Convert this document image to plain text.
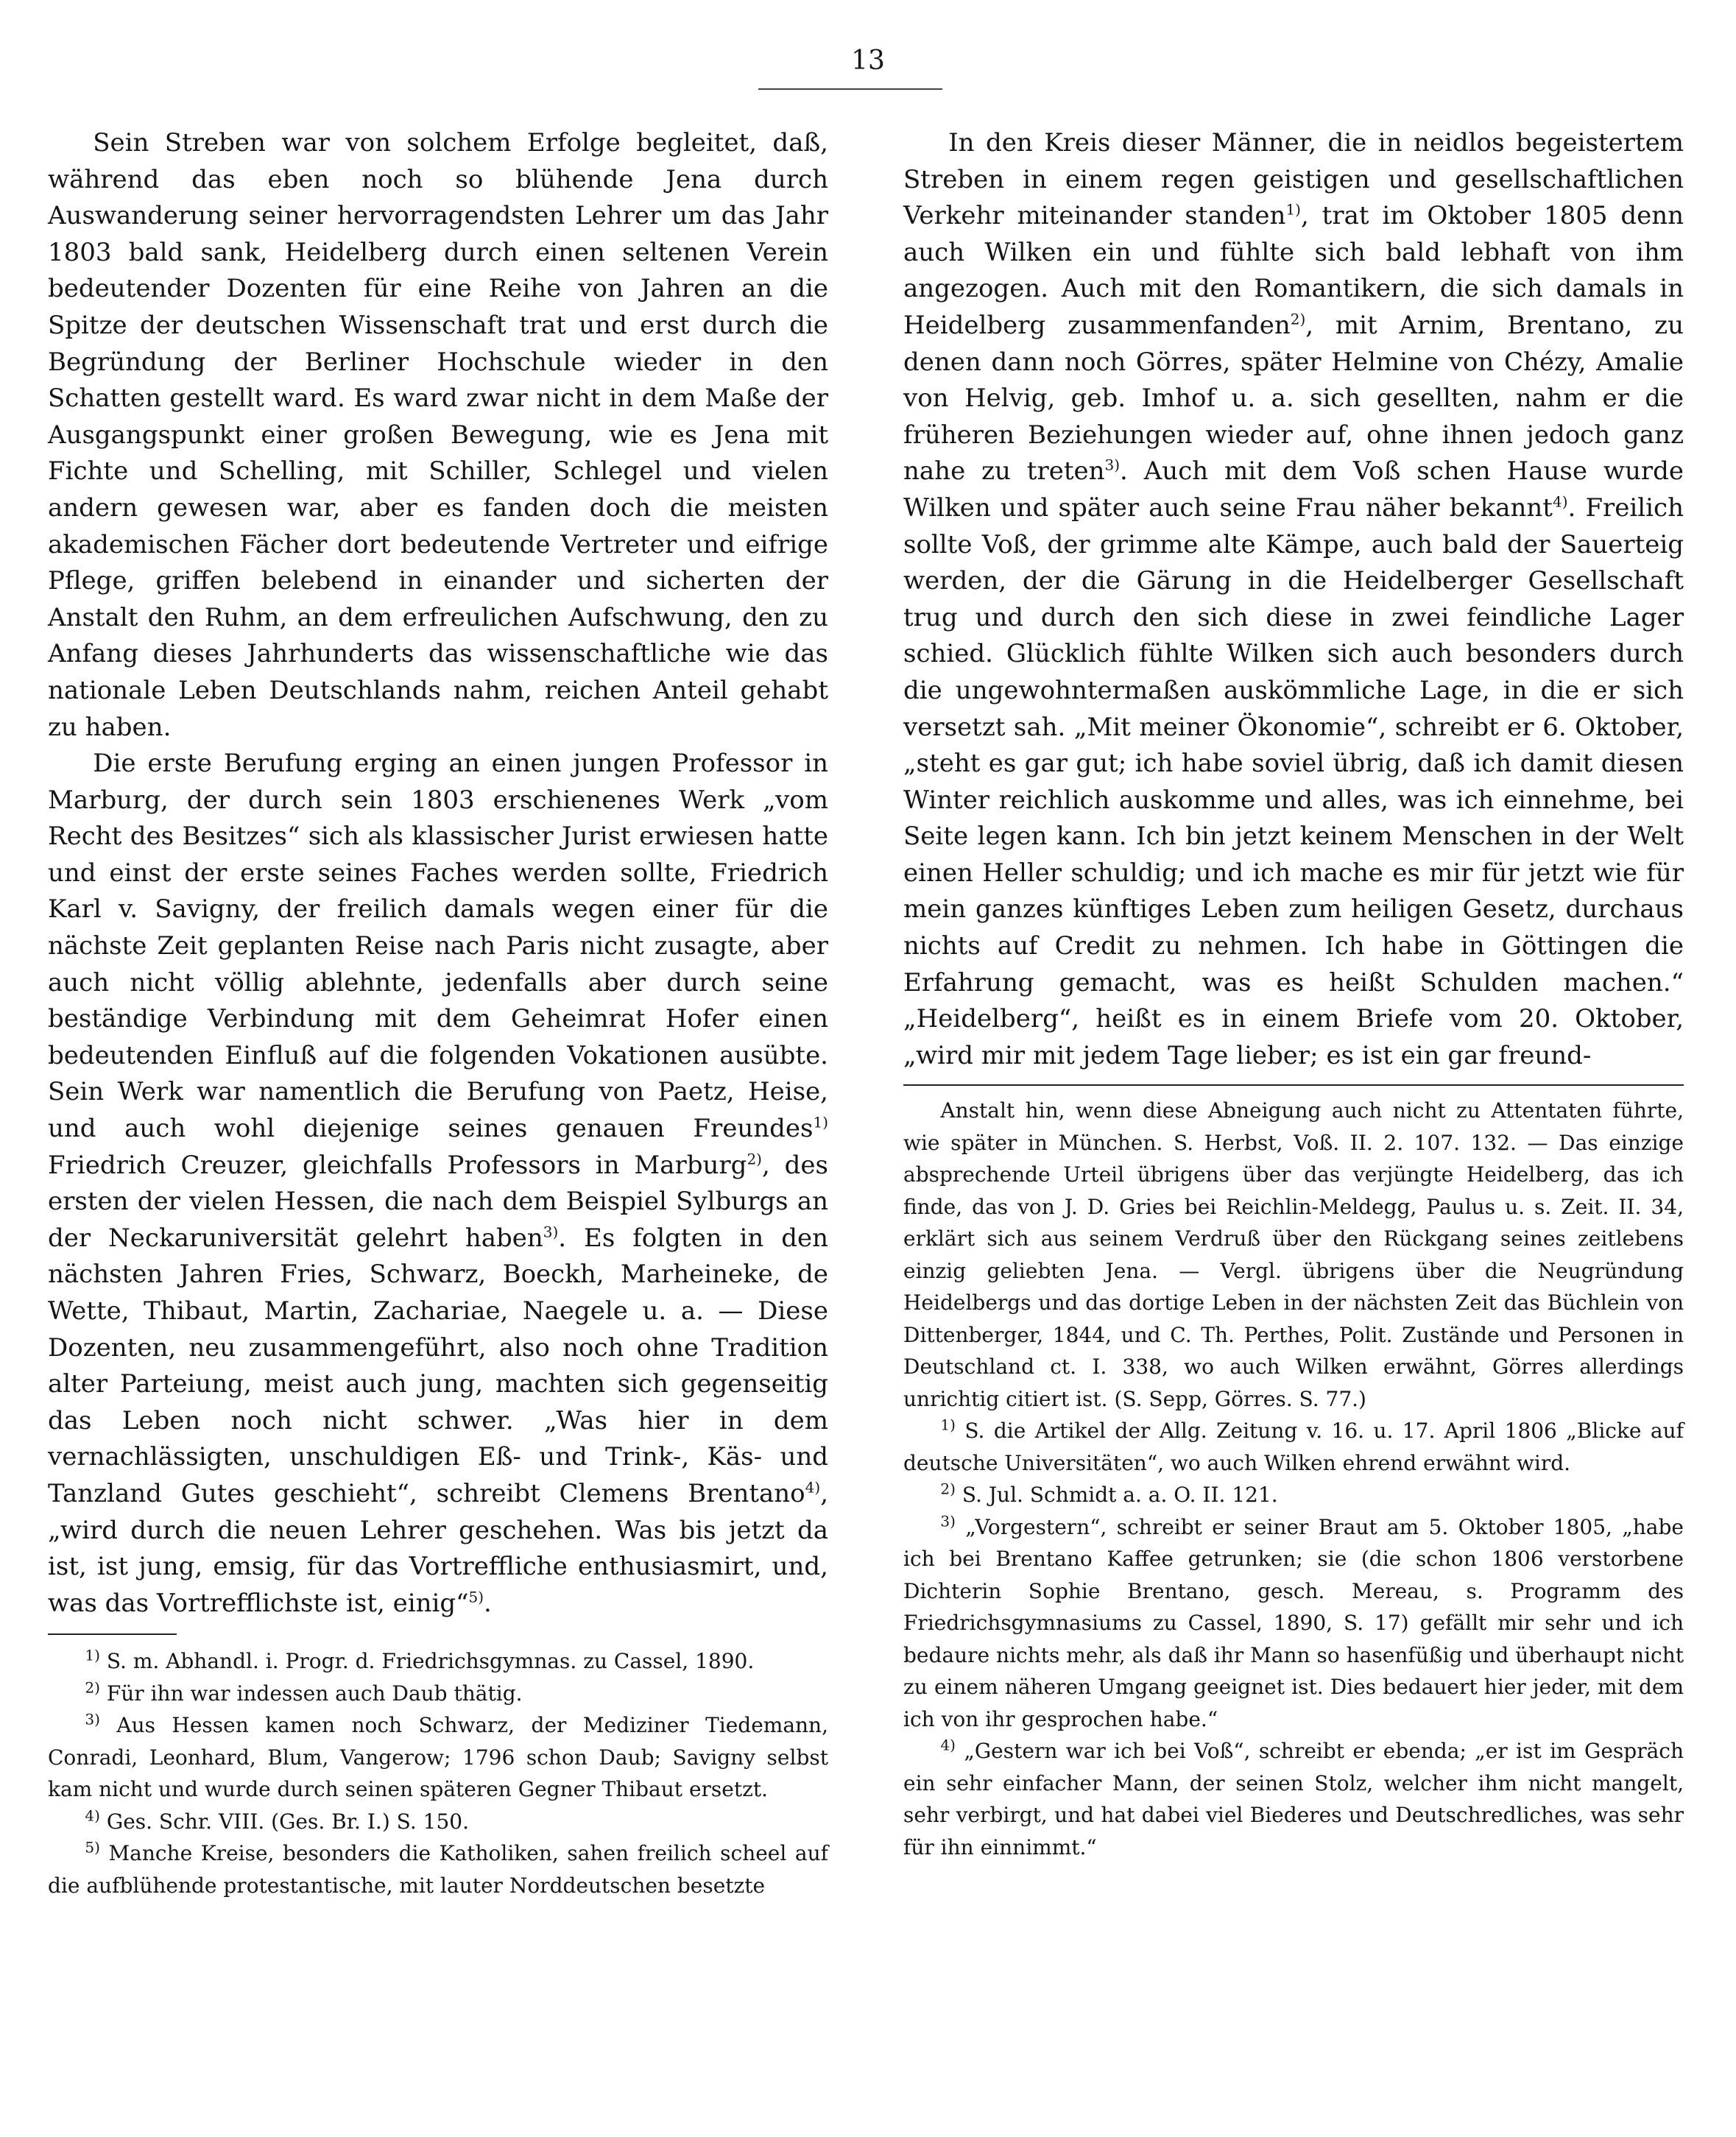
13

Sein Streben war von solchem Erfolge begleitet, daß, während das eben noch so blühende Jena durch Auswanderung seiner hervorragendsten Lehrer um das Jahr 1803 bald sank, Heidelberg durch einen seltenen Verein bedeutender Dozenten für eine Reihe von Jahren an die Spitze der deutschen Wissenschaft trat und erst durch die Begründung der Berliner Hochschule wieder in den Schatten gestellt ward. Es ward zwar nicht in dem Maße der Ausgangspunkt einer großen Bewegung, wie es Jena mit Fichte und Schelling, mit Schiller, Schlegel und vielen andern gewesen war, aber es fanden doch die meisten akademischen Fächer dort bedeutende Vertreter und eifrige Pflege, griffen belebend in einander und sicherten der Anstalt den Ruhm, an dem erfreulichen Aufschwung, den zu Anfang dieses Jahrhunderts das wissenschaftliche wie das nationale Leben Deutschlands nahm, reichen Anteil gehabt zu haben.

Die erste Berufung erging an einen jungen Professor in Marburg, der durch sein 1803 erschienenes Werk „vom Recht des Besitzes“ sich als klassischer Jurist erwiesen hatte und einst der erste seines Faches werden sollte, Friedrich Karl v. Savigny, der freilich damals wegen einer für die nächste Zeit geplanten Reise nach Paris nicht zusagte, aber auch nicht völlig ablehnte, jedenfalls aber durch seine beständige Verbindung mit dem Geheimrat Hofer einen bedeutenden Einfluß auf die folgenden Vokationen ausübte. Sein Werk war namentlich die Berufung von Paetz, Heise, und auch wohl diejenige seines genauen Freundes$^{1)}$ Friedrich Creuzer, gleichfalls Professors in Marburg$^{2)}$, des ersten der vielen Hessen, die nach dem Beispiel Sylburgs an der Neckaruniversität gelehrt haben$^{3)}$. Es folgten in den nächsten Jahren Fries, Schwarz, Boeckh, Marheineke, de Wette, Thibaut, Martin, Zachariae, Naegele u. a. — Diese Dozenten, neu zusammengeführt, also noch ohne Tradition alter Parteiung, meist auch jung, machten sich gegenseitig das Leben noch nicht schwer. „Was hier in dem vernachlässigten, unschuldigen Eß- und Trink-, Käs- und Tanzland Gutes geschieht“, schreibt Clemens Brentano$^{4)}$, „wird durch die neuen Lehrer geschehen. Was bis jetzt da ist, ist jung, emsig, für das Vortreffliche enthusiasmirt, und, was das Vortrefflichste ist, einig“$^{5)}$.

$^{1)}$ S. m. Abhandl. i. Progr. d. Friedrichsgymnas. zu Cassel, 1890.

$^{2)}$ Für ihn war indessen auch Daub thätig.

$^{3)}$ Aus Hessen kamen noch Schwarz, der Mediziner Tiedemann, Conradi, Leonhard, Blum, Vangerow; 1796 schon Daub; Savigny selbst kam nicht und wurde durch seinen späteren Gegner Thibaut ersetzt.

$^{4)}$ Ges. Schr. VIII. (Ges. Br. I.) S. 150.

$^{5)}$ Manche Kreise, besonders die Katholiken, sahen freilich scheel auf die aufblühende protestantische, mit lauter Norddeutschen besetzte

In den Kreis dieser Männer, die in neidlos begeistertem Streben in einem regen geistigen und gesellschaftlichen Verkehr miteinander standen$^{1)}$, trat im Oktober 1805 denn auch Wilken ein und fühlte sich bald lebhaft von ihm angezogen. Auch mit den Romantikern, die sich damals in Heidelberg zusammenfanden$^{2)}$, mit Arnim, Brentano, zu denen dann noch Görres, später Helmine von Chézy, Amalie von Helvig, geb. Imhof u. a. sich gesellten, nahm er die früheren Beziehungen wieder auf, ohne ihnen jedoch ganz nahe zu treten$^{3)}$. Auch mit dem Voß schen Hause wurde Wilken und später auch seine Frau näher bekannt$^{4)}$. Freilich sollte Voß, der grimme alte Kämpe, auch bald der Sauerteig werden, der die Gärung in die Heidelberger Gesellschaft trug und durch den sich diese in zwei feindliche Lager schied. Glücklich fühlte Wilken sich auch besonders durch die ungewohntermaßen auskömmliche Lage, in die er sich versetzt sah. „Mit meiner Ökonomie“, schreibt er 6. Oktober, „steht es gar gut; ich habe soviel übrig, daß ich damit diesen Winter reichlich auskomme und alles, was ich einnehme, bei Seite legen kann. Ich bin jetzt keinem Menschen in der Welt einen Heller schuldig; und ich mache es mir für jetzt wie für mein ganzes künftiges Leben zum heiligen Gesetz, durchaus nichts auf Credit zu nehmen. Ich habe in Göttingen die Erfahrung gemacht, was es heißt Schulden machen.“ „Heidelberg“, heißt es in einem Briefe vom 20. Oktober, „wird mir mit jedem Tage lieber; es ist ein gar freund-

Anstalt hin, wenn diese Abneigung auch nicht zu Attentaten führte, wie später in München. S. Herbst, Voß. II. 2. 107. 132. — Das einzige absprechende Urteil übrigens über das verjüngte Heidelberg, das ich finde, das von J. D. Gries bei Reichlin-Meldegg, Paulus u. s. Zeit. II. 34, erklärt sich aus seinem Verdruß über den Rückgang seines zeitlebens einzig geliebten Jena. — Vergl. übrigens über die Neugründung Heidelbergs und das dortige Leben in der nächsten Zeit das Büchlein von Dittenberger, 1844, und C. Th. Perthes, Polit. Zustände und Personen in Deutschland ct. I. 338, wo auch Wilken erwähnt, Görres allerdings unrichtig citiert ist. (S. Sepp, Görres. S. 77.)

$^{1)}$ S. die Artikel der Allg. Zeitung v. 16. u. 17. April 1806 „Blicke auf deutsche Universitäten“, wo auch Wilken ehrend erwähnt wird.

$^{2)}$ S. Jul. Schmidt a. a. O. II. 121.

$^{3)}$ „Vorgestern“, schreibt er seiner Braut am 5. Oktober 1805, „habe ich bei Brentano Kaffee getrunken; sie (die schon 1806 verstorbene Dichterin Sophie Brentano, gesch. Mereau, s. Programm des Friedrichsgymnasiums zu Cassel, 1890, S. 17) gefällt mir sehr und ich bedaure nichts mehr, als daß ihr Mann so hasenfüßig und überhaupt nicht zu einem näheren Umgang geeignet ist. Dies bedauert hier jeder, mit dem ich von ihr gesprochen habe.“

$^{4)}$ „Gestern war ich bei Voß“, schreibt er ebenda; „er ist im Gespräch ein sehr einfacher Mann, der seinen Stolz, welcher ihm nicht mangelt, sehr verbirgt, und hat dabei viel Biederes und Deutschredliches, was sehr für ihn einnimmt.“
